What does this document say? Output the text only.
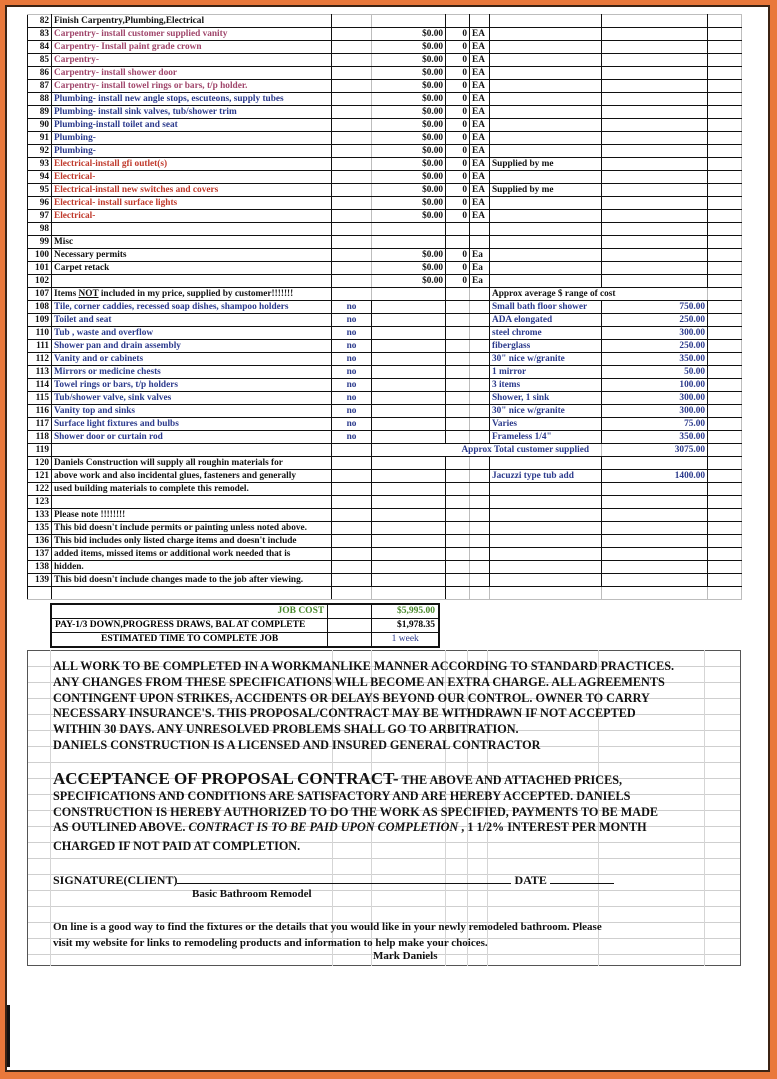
82	Finish Carpentry,Plumbing,Electrical							
83	Carpentry- install customer supplied vanity		$0.00	0	EA			
84	Carpentry- Install paint grade crown		$0.00	0	EA			
85	Carpentry-		$0.00	0	EA			
86	Carpentry- install shower door		$0.00	0	EA			
87	Carpentry- install towel rings or bars, t/p holder.		$0.00	0	EA			
88	Plumbing- install new angle stops, escuteons, supply tubes		$0.00	0	EA			
89	Plumbing- install sink valves, tub/shower trim		$0.00	0	EA			
90	Plumbing-install toilet and seat		$0.00	0	EA			
91	Plumbing-		$0.00	0	EA			
92	Plumbing-		$0.00	0	EA			
93	Electrical-install gfi outlet(s)		$0.00	0	EA	Supplied by me		
94	Electrical-		$0.00	0	EA			
95	Electrical-install new switches and covers		$0.00	0	EA	Supplied by me		
96	Electrical- install surface lights		$0.00	0	EA			
97	Electrical-		$0.00	0	EA			
98								
99	Misc							
100	Necessary permits		$0.00	0	Ea			
101	Carpet retack		$0.00	0	Ea			
102			$0.00	0	Ea			
107	Items NOT included in my price, supplied by customer!!!!!!!					Approx average $ range of cost		
108	Tile, corner caddies, recessed soap dishes, shampoo holders	no				Small bath floor shower	750.00	
109	Toilet and seat	no				ADA elongated	250.00	
110	Tub , waste and overflow	no				steel chrome	300.00	
111	Shower pan and drain assembly	no				fiberglass	250.00	
112	Vanity and or cabinets	no				30" nice w/granite	350.00	
113	Mirrors or medicine chests	no				1 mirror	50.00	
114	Towel rings or bars, t/p holders	no				3 items	100.00	
115	Tub/shower valve, sink valves	no				Shower, 1 sink	300.00	
116	Vanity top and sinks	no				30" nice w/granite	300.00	
117	Surface light fixtures and bulbs	no				Varies	75.00	
118	Shower door or curtain rod	no				Frameless 1/4"	350.00	
119			Approx Total customer supplied				3075.00	
120	Daniels Construction will supply all roughin materials for							
121	above work and also incidental glues, fasteners and generally					Jacuzzi type tub add	1400.00	
122	used building materials to complete this remodel.							
123								
133	Please note !!!!!!!!							
135	This bid doesn't include permits or painting unless noted above.							
136	This bid includes only listed charge items and doesn't include							
137	added items, missed items or additional work needed that is							
138	hidden.							
139	This bid doesn't include changes made to the job after viewing.							

JOB COST		$5,995.00
PAY-1/3 DOWN,PROGRESS DRAWS, BAL AT COMPLETE		$1,978.35
ESTIMATED TIME TO COMPLETE JOB		1 week
ALL WORK TO BE COMPLETED IN A WORKMANLIKE MANNER ACCORDING TO STANDARD PRACTICES.
ANY CHANGES FROM THESE SPECIFICATIONS WILL BECOME AN EXTRA CHARGE. ALL AGREEMENTS
CONTINGENT UPON STRIKES, ACCIDENTS OR DELAYS BEYOND OUR CONTROL. OWNER TO CARRY
NECESSARY INSURANCE'S. THIS PROPOSAL/CONTRACT MAY BE WITHDRAWN IF NOT ACCEPTED
WITHIN 30 DAYS. ANY UNRESOLVED PROBLEMS SHALL GO TO ARBITRATION.
DANIELS CONSTRUCTION IS A LICENSED AND INSURED GENERAL CONTRACTOR
ACCEPTANCE OF PROPOSAL CONTRACT- THE ABOVE AND ATTACHED PRICES,
SPECIFICATIONS AND CONDITIONS ARE SATISFACTORY AND ARE HEREBY ACCEPTED. DANIELS
CONSTRUCTION IS HEREBY AUTHORIZED TO DO THE WORK AS SPECIFIED, PAYMENTS TO BE MADE
AS OUTLINED ABOVE. CONTRACT IS TO BE PAID UPON COMPLETION , 1 1/2% INTEREST PER MONTH
CHARGED IF NOT PAID AT COMPLETION.
SIGNATURE(CLIENT)	DATE
Basic Bathroom Remodel
On line is a good way to find the fixtures or the details that you would like in your newly remodeled bathroom. Please
visit my website for links to remodeling products and information to help make your choices.
Mark Daniels
